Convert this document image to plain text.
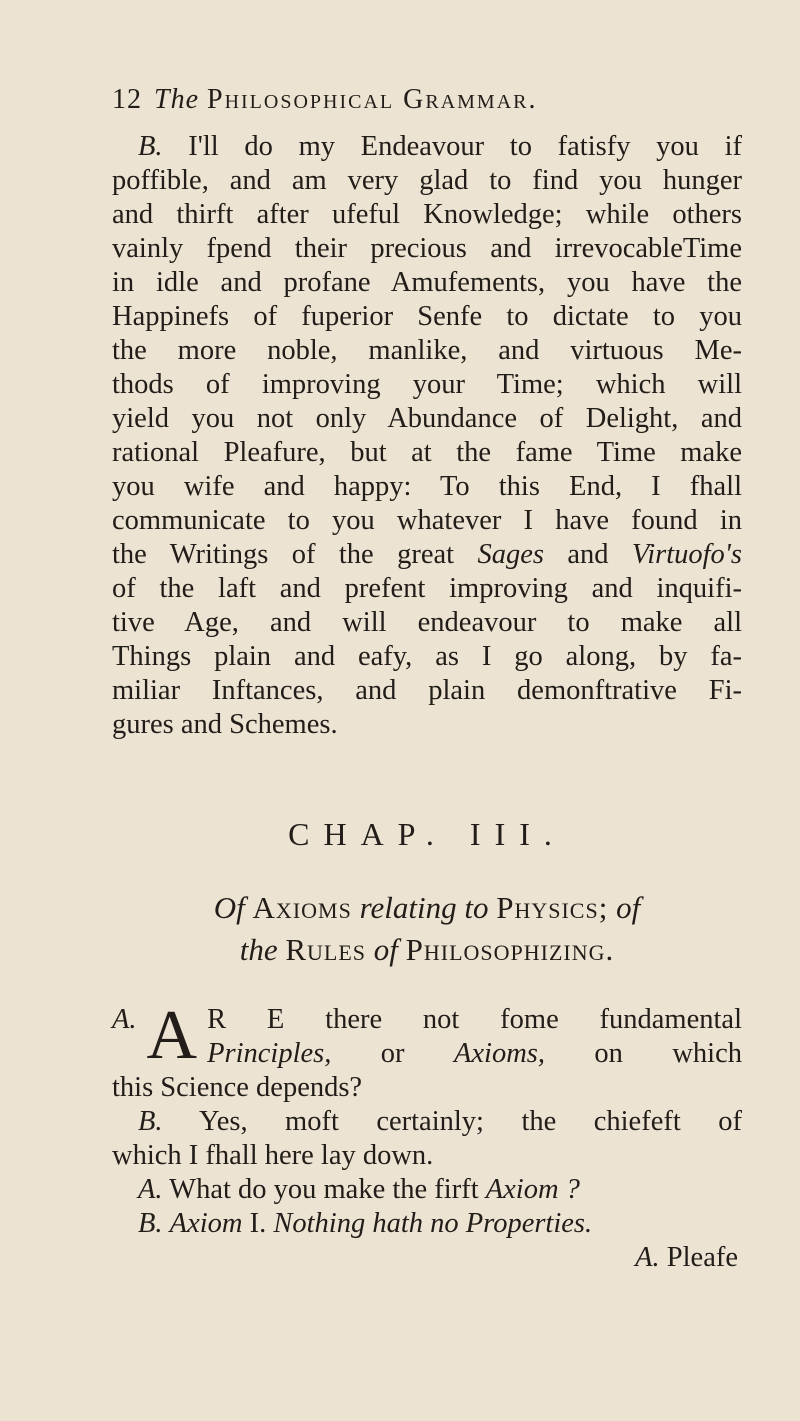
12 The Philosophical Grammar.
B. I'll do my Endeavour to fatisfy you if
poffible, and am very glad to find you hunger
and thirft after ufeful Knowledge; while others
vainly fpend their precious and irrevocableTime
in idle and profane Amufements, you have the
Happinefs of fuperior Senfe to dictate to you
the more noble, manlike, and virtuous Me-
thods of improving your Time; which will
yield you not only Abundance of Delight, and
rational Pleafure, but at the fame Time make
you wife and happy: To this End, I fhall
communicate to you whatever I have found in
the Writings of the great Sages and Virtuofo's
of the laft and prefent improving and inquifi-
tive Age, and will endeavour to make all
Things plain and eafy, as I go along, by fa-
miliar Inftances, and plain demonftrative Fi-
gures and Schemes.
CHAP. III.
Of Axioms relating to Physics; of
the Rules of Philosophizing.
A. A R E there not fome fundamental
Principles, or Axioms, on which
this Science depends?
B. Yes, moft certainly; the chiefeft of
which I fhall here lay down.
A. What do you make the firft Axiom ?
B. Axiom I. Nothing hath no Properties.
A. Pleafe
